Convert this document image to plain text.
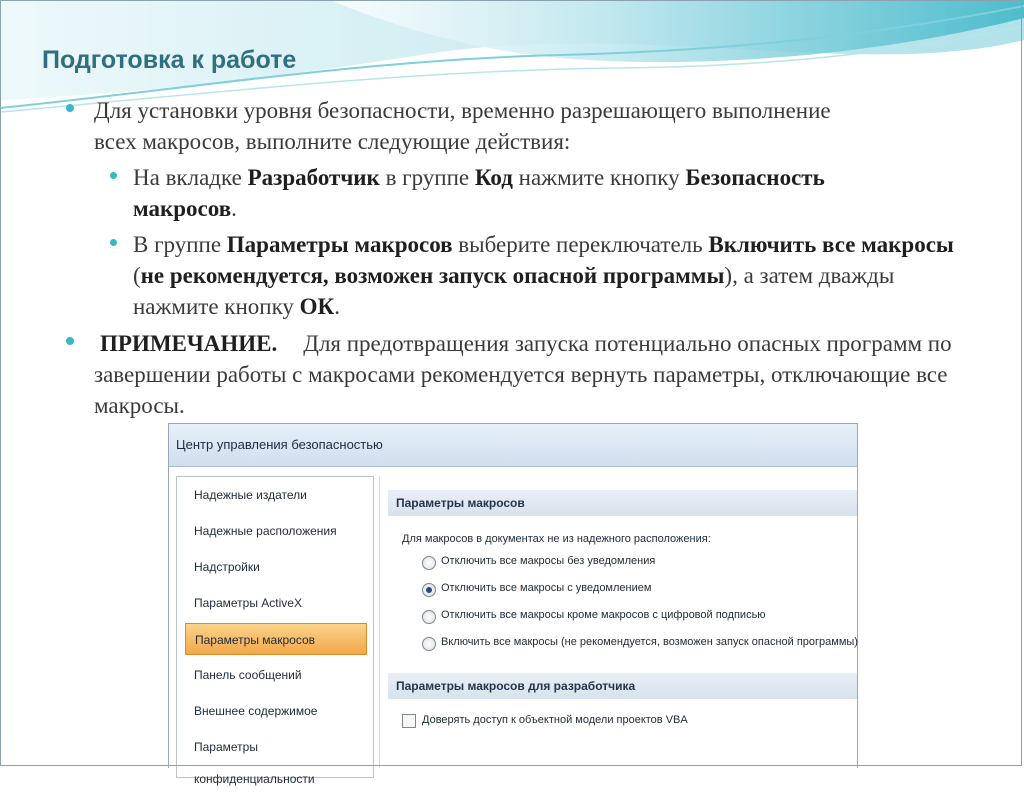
Подготовка к работе
Для установки уровня безопасности, временно разрешающего выполнение всех макросов, выполните следующие действия:
На вкладке Разработчик в группе Код нажмите кнопку Безопасность макросов.
В группе Параметры макросов выберите переключатель Включить все макросы (не рекомендуется, возможен запуск опасной программы), а затем дважды нажмите кнопку ОК.
ПРИМЕЧАНИЕ. Для предотвращения запуска потенциально опасных программ по завершении работы с макросами рекомендуется вернуть параметры, отключающие все макросы.
Центр управления безопасностью
Надежные издатели
Надежные расположения
Надстройки
Параметры ActiveX
Параметры макросов
Панель сообщений
Внешнее содержимое
Параметры конфиденциальности
Параметры макросов
Для макросов в документах не из надежного расположения:
Отключить все макросы без уведомления
Отключить все макросы с уведомлением
Отключить все макросы кроме макросов с цифровой подписью
Включить все макросы (не рекомендуется, возможен запуск опасной программы)
Параметры макросов для разработчика
Доверять доступ к объектной модели проектов VBA
